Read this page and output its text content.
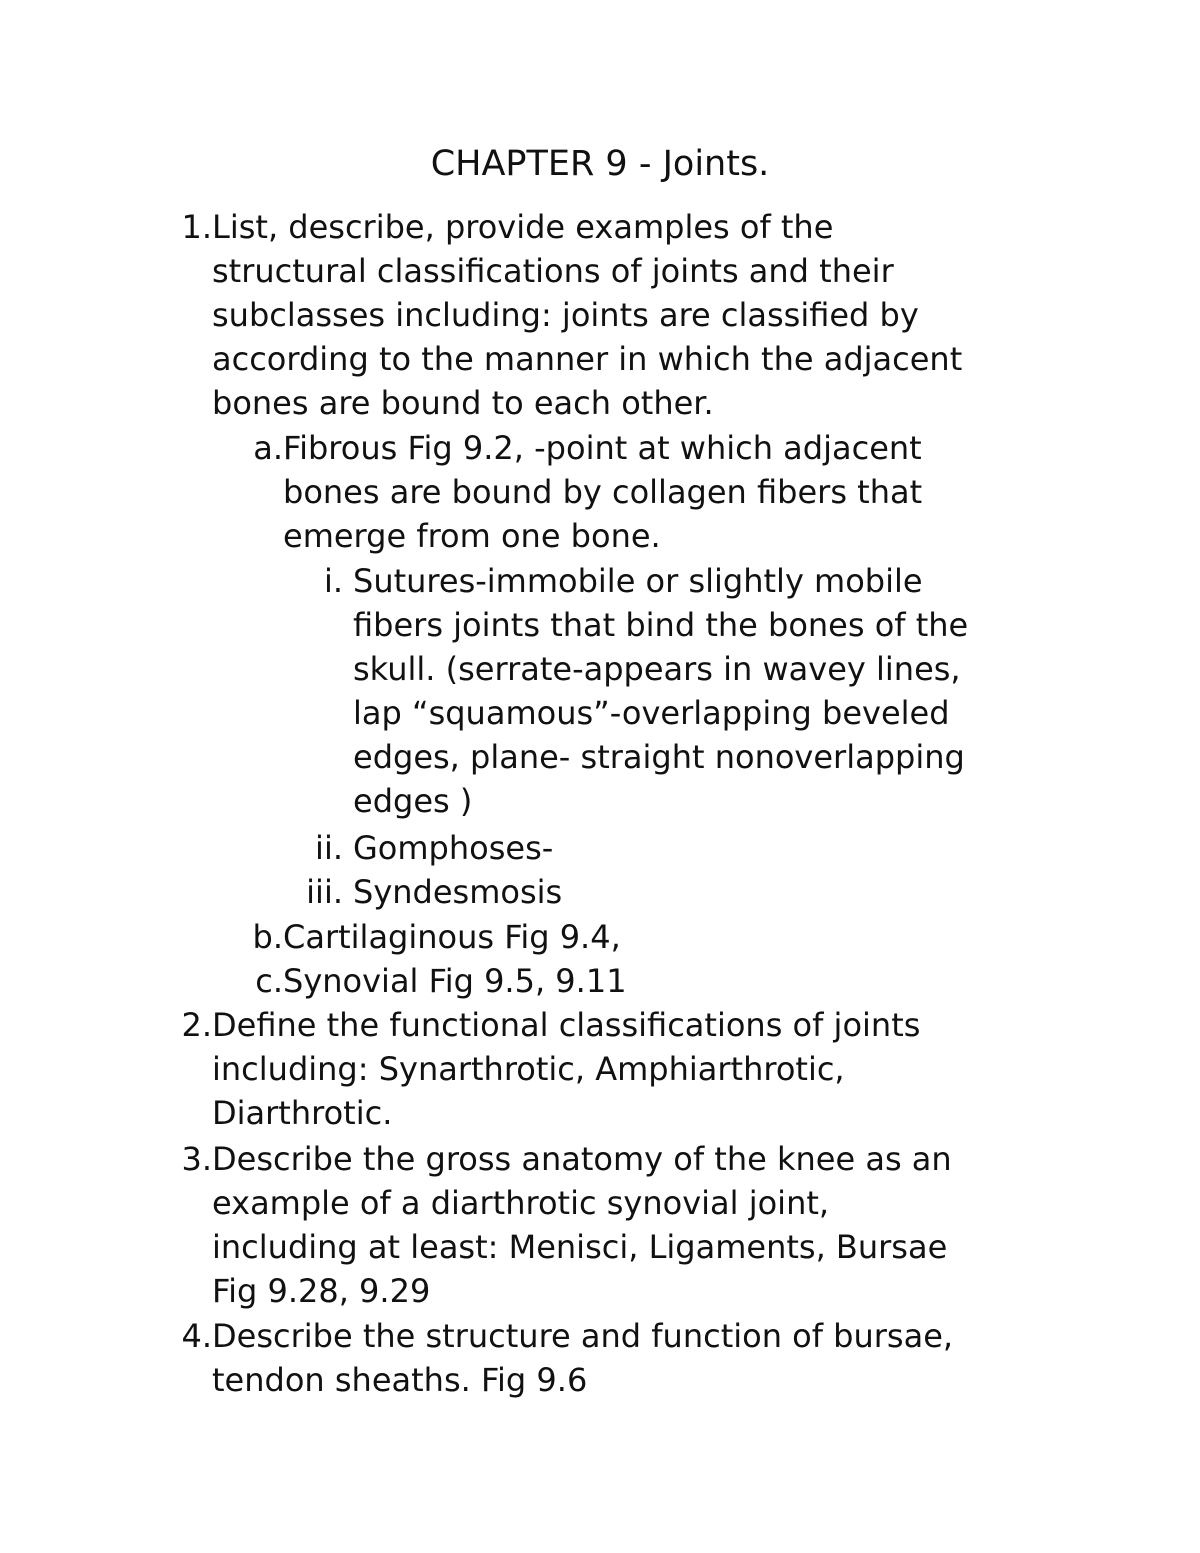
CHAPTER 9 - Joints.
1. List, describe, provide examples of the
structural classifications of joints and their
subclasses including: joints are classified by
according to the manner in which the adjacent
bones are bound to each other.
a. Fibrous Fig 9.2, -point at which adjacent
bones are bound by collagen fibers that
emerge from one bone.
i. Sutures-immobile or slightly mobile
fibers joints that bind the bones of the
skull. (serrate-appears in wavey lines,
lap “squamous”-overlapping beveled
edges, plane- straight nonoverlapping
edges )
ii. Gomphoses-
iii. Syndesmosis
b. Cartilaginous Fig 9.4,
c. Synovial Fig 9.5, 9.11
2. Define the functional classifications of joints
including: Synarthrotic, Amphiarthrotic,
Diarthrotic.
3. Describe the gross anatomy of the knee as an
example of a diarthrotic synovial joint,
including at least: Menisci, Ligaments, Bursae
Fig 9.28, 9.29
4. Describe the structure and function of bursae,
tendon sheaths. Fig 9.6
